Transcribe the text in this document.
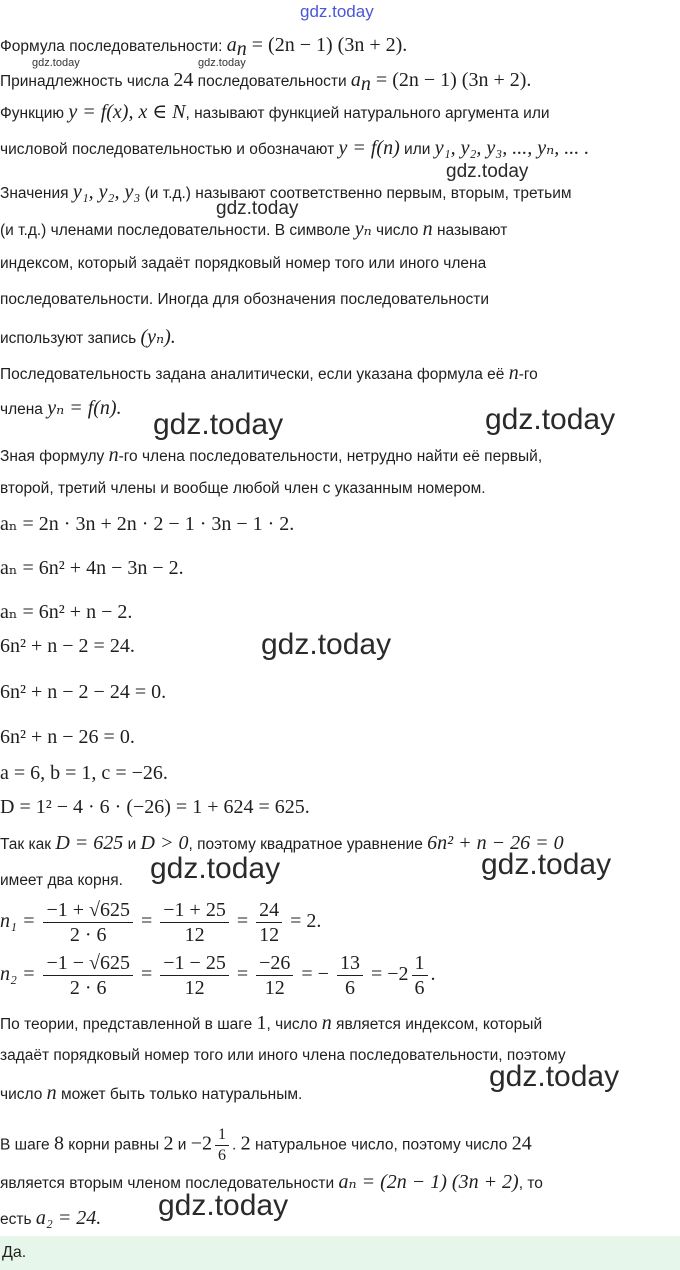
gdz.today
gdz.today	gdz.today
gdz.today
gdz.today
gdz.today	gdz.today
gdz.today
gdz.today	gdz.today
gdz.today
gdz.today
Формула последовательности: $a_n = (2n - 1) (3n + 2)$.
Принадлежность числа 24 последовательности $a_n = (2n - 1) (3n + 2)$.
Функцию y = f(x), x ∈ N, называют функцией натурального аргумента или
числовой последовательностью и обозначают y = f(n) или y₁, y₂, y₃, ..., yₙ, ... .
Значения y₁, y₂, y₃ (и т.д.) называют соответственно первым, вторым, третьим
(и т.д.) членами последовательности. В символе yₙ число n называют
индексом, который задаёт порядковый номер того или иного члена
последовательности. Иногда для обозначения последовательности
используют запись (yₙ).
Последовательность задана аналитически, если указана формула её n-го
члена yₙ = f(n).
Зная формулу n-го члена последовательности, нетрудно найти её первый,
второй, третий члены и вообще любой член с указанным номером.
aₙ = 2n · 3n + 2n · 2 − 1 · 3n − 1 · 2.
aₙ = 6n² + 4n − 3n − 2.
aₙ = 6n² + n − 2.
6n² + n − 2 = 24.
6n² + n − 2 − 24 = 0.
6n² + n − 26 = 0.
a = 6, b = 1, c = −26.
D = 1² − 4 · 6 · (−26) = 1 + 624 = 625.
Так как D = 625 и D > 0, поэтому квадратное уравнение 6n² + n − 26 = 0
имеет два корня.
$n_1 = \frac{-1 + √625}{2 \cdot 6} = \frac{-1 + 25}{12} = \frac{24}{12} = 2$.
$n_2 = \frac{-1 - √625}{2 \cdot 6} = \frac{-1 - 25}{12} = \frac{-26}{12}$ = − $\frac{13}{6} = -2 \frac{1}{6}$ .
По теории, представленной в шаге 1, число n является индексом, который
задаёт порядковый номер того или иного члена последовательности, поэтому
число n может быть только натуральным.
В шаге 8 корни равны 2 $и -2 \frac{1}{6}$ . 2 натуральное число, поэтому число 24
является вторым членом последовательности aₙ = (2n − 1) (3n + 2), то
есть a₂ = 24.
Да.
